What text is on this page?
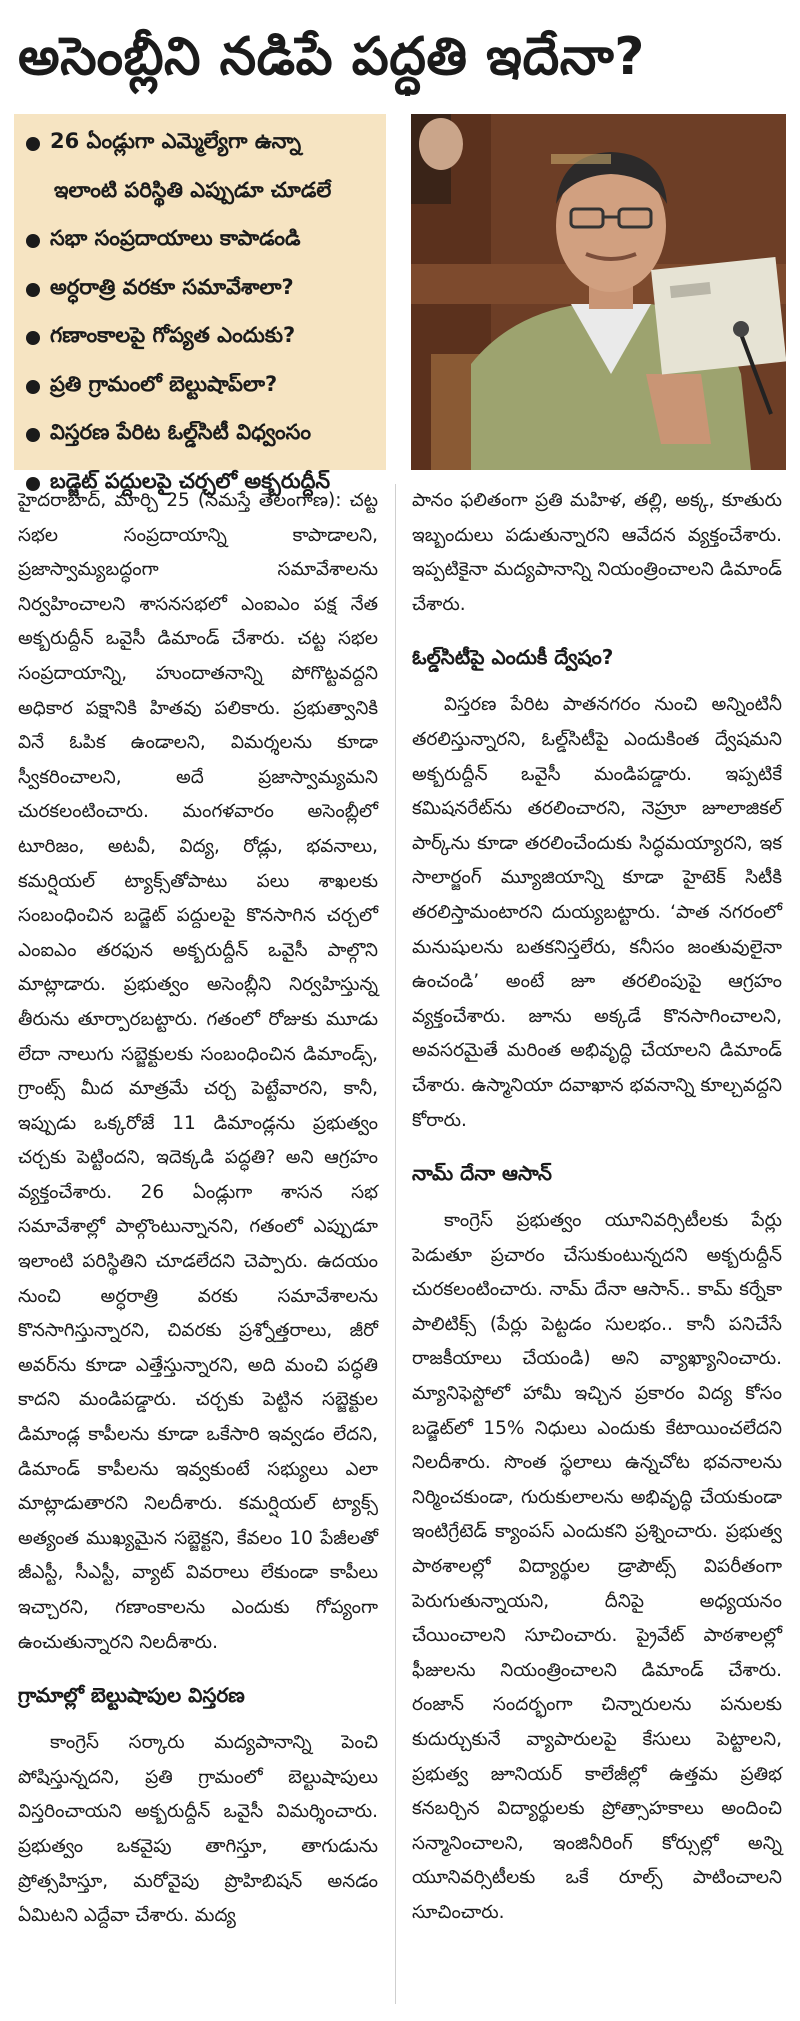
అసెంబ్లీని నడిపే పద్ధతి ఇదేనా?
26 ఏండ్లుగా ఎమ్మెల్యేగా ఉన్నా
ఇలాంటి పరిస్థితి ఎప్పుడూ చూడలే
సభా సంప్రదాయాలు కాపాడండి
అర్ధరాత్రి వరకూ సమావేశాలా?
గణాంకాలపై గోప్యత ఎందుకు?
ప్రతి గ్రామంలో బెల్టుషాప్‌లా?
విస్తరణ పేరిట ఓల్డ్‌సిటీ విధ్వంసం
బడ్జెట్‌ పద్దులపై చర్చలో అక్బరుద్దీన్‌

హైదరాబాద్‌, మార్చి 25 (నమస్తే తెలంగాణ): చట్ట సభల సంప్రదాయాన్ని కాపాడాలని, ప్రజాస్వామ్యబద్ధంగా సమావేశాలను నిర్వహించాలని శాసనసభలో ఎంఐఎం పక్ష నేత అక్బరుద్దీన్‌ ఒవైసీ డిమాండ్‌ చేశారు. చట్ట సభల సంప్రదాయాన్ని, హుందాతనాన్ని పోగొట్టవద్దని అధికార పక్షానికి హితవు పలికారు. ప్రభుత్వానికి వినే ఓపిక ఉండాలని, విమర్శలను కూడా స్వీకరించాలని, అదే ప్రజాస్వామ్యమని చురకలంటించారు. మంగళవారం అసెంబ్లీలో టూరిజం, అటవీ, విద్య, రోడ్లు, భవనాలు, కమర్షియల్‌ ట్యాక్స్‌తోపాటు పలు శాఖలకు సంబంధించిన బడ్జెట్‌ పద్దులపై కొనసాగిన చర్చలో ఎంఐఎం తరఫున అక్బరుద్దీన్‌ ఒవైసీ పాల్గొని మాట్లాడారు. ప్రభుత్వం అసెంబ్లీని నిర్వహిస్తున్న తీరును తూర్పారబట్టారు. గతంలో రోజుకు మూడు లేదా నాలుగు సబ్జెక్టులకు సంబంధించిన డిమాండ్స్‌, గ్రాంట్స్‌ మీద మాత్రమే చర్చ పెట్టేవారని, కానీ, ఇప్పుడు ఒక్కరోజే 11 డిమాండ్లను ప్రభుత్వం చర్చకు పెట్టిందని, ఇదెక్కడి పద్ధతి? అని ఆగ్రహం వ్యక్తంచేశారు. 26 ఏండ్లుగా శాసన సభ సమావేశాల్లో పాల్గొంటున్నానని, గతంలో ఎప్పుడూ ఇలాంటి పరిస్థితిని చూడలేదని చెప్పారు. ఉదయం నుంచి అర్ధరాత్రి వరకు సమావేశాలను కొనసాగిస్తున్నారని, చివరకు ప్రశ్నోత్తరాలు, జీరో అవర్‌ను కూడా ఎత్తేస్తున్నారని, అది మంచి పద్ధతి కాదని మండిపడ్డారు. చర్చకు పెట్టిన సబ్జెక్టుల డిమాండ్ల కాపీలను కూడా ఒకేసారి ఇవ్వడం లేదని, డిమాండ్‌ కాపీలను ఇవ్వకుంటే సభ్యులు ఎలా మాట్లాడుతారని నిలదీశారు. కమర్షియల్‌ ట్యాక్స్‌ అత్యంత ముఖ్యమైన సబ్జెక్టని, కేవలం 10 పేజీలతో జీఎస్టీ, సీఎస్టీ, వ్యాట్‌ వివరాలు లేకుండా కాపీలు ఇచ్చారని, గణాంకాలను ఎందుకు గోప్యంగా ఉంచుతున్నారని నిలదీశారు.

గ్రామాల్లో బెల్టుషాపుల విస్తరణ

కాంగ్రెస్‌ సర్కారు మద్యపానాన్ని పెంచి పోషిస్తున్నదని, ప్రతి గ్రామంలో బెల్టుషాపులు విస్తరించాయని అక్బరుద్దీన్‌ ఒవైసీ విమర్శించారు. ప్రభుత్వం ఒకవైపు తాగిస్తూ, తాగుడును ప్రోత్సహిస్తూ, మరోవైపు ప్రొహిబిషన్‌ అనడం ఏమిటని ఎద్దేవా చేశారు. మద్య

పానం ఫలితంగా ప్రతి మహిళ, తల్లి, అక్క, కూతురు ఇబ్బందులు పడుతున్నారని ఆవేదన వ్యక్తంచేశారు. ఇప్పటికైనా మద్యపానాన్ని నియంత్రించాలని డిమాండ్‌ చేశారు.

ఓల్డ్‌సిటీపై ఎందుకీ ద్వేషం?

విస్తరణ పేరిట పాతనగరం నుంచి అన్నింటినీ తరలిస్తున్నారని, ఓల్డ్‌సిటీపై ఎందుకింత ద్వేషమని అక్బరుద్దీన్‌ ఒవైసీ మండిపడ్డారు. ఇప్పటికే కమిషనరేట్‌ను తరలించారని, నెహ్రూ జూలాజికల్‌ పార్క్‌ను కూడా తరలించేందుకు సిద్ధమయ్యారని, ఇక సాలార్జంగ్‌ మ్యూజియాన్ని కూడా హైటెక్‌ సిటీకి తరలిస్తామంటారని దుయ్యబట్టారు. ‘పాత నగరంలో మనుషులను బతకనిస్తలేరు, కనీసం జంతువులైనా ఉంచండి’ అంటే జూ తరలింపుపై ఆగ్రహం వ్యక్తంచేశారు. జూను అక్కడే కొనసాగించాలని, అవసరమైతే మరింత అభివృద్ధి చేయాలని డిమాండ్‌ చేశారు. ఉస్మానియా దవాఖాన భవనాన్ని కూల్చవద్దని కోరారు.

నామ్‌ దేనా ఆసాన్‌

కాంగ్రెస్‌ ప్రభుత్వం యూనివర్సిటీలకు పేర్లు పెడుతూ ప్రచారం చేసుకుంటున్నదని అక్బరుద్దీన్‌ చురకలంటించారు. నామ్‌ దేనా ఆసాన్‌.. కామ్‌ కర్నేకా పాలిటిక్స్‌ (పేర్లు పెట్టడం సులభం.. కానీ పనిచేసే రాజకీయాలు చేయండి) అని వ్యాఖ్యానించారు. మ్యానిఫెస్టోలో హామీ ఇచ్చిన ప్రకారం విద్య కోసం బడ్జెట్‌లో 15% నిధులు ఎందుకు కేటాయించలేదని నిలదీశారు. సొంత స్థలాలు ఉన్నచోట భవనాలను నిర్మించకుండా, గురుకులాలను అభివృద్ధి చేయకుండా ఇంటిగ్రేటెడ్‌ క్యాంపస్‌ ఎందుకని ప్రశ్నించారు. ప్రభుత్వ పాఠశాలల్లో విద్యార్థుల డ్రాపౌట్స్‌ విపరీతంగా పెరుగుతున్నాయని, దీనిపై అధ్యయనం చేయించాలని సూచించారు. ప్రైవేట్‌ పాఠశాలల్లో ఫీజులను నియంత్రించాలని డిమాండ్‌ చేశారు. రంజాన్‌ సందర్భంగా చిన్నారులను పనులకు కుదుర్చుకునే వ్యాపారులపై కేసులు పెట్టాలని, ప్రభుత్వ జూనియర్‌ కాలేజీల్లో ఉత్తమ ప్రతిభ కనబర్చిన విద్యార్థులకు ప్రోత్సాహకాలు అందించి సన్మానించాలని, ఇంజినీరింగ్‌ కోర్సుల్లో అన్ని యూనివర్సిటీలకు ఒకే రూల్స్‌ పాటించాలని సూచించారు.
